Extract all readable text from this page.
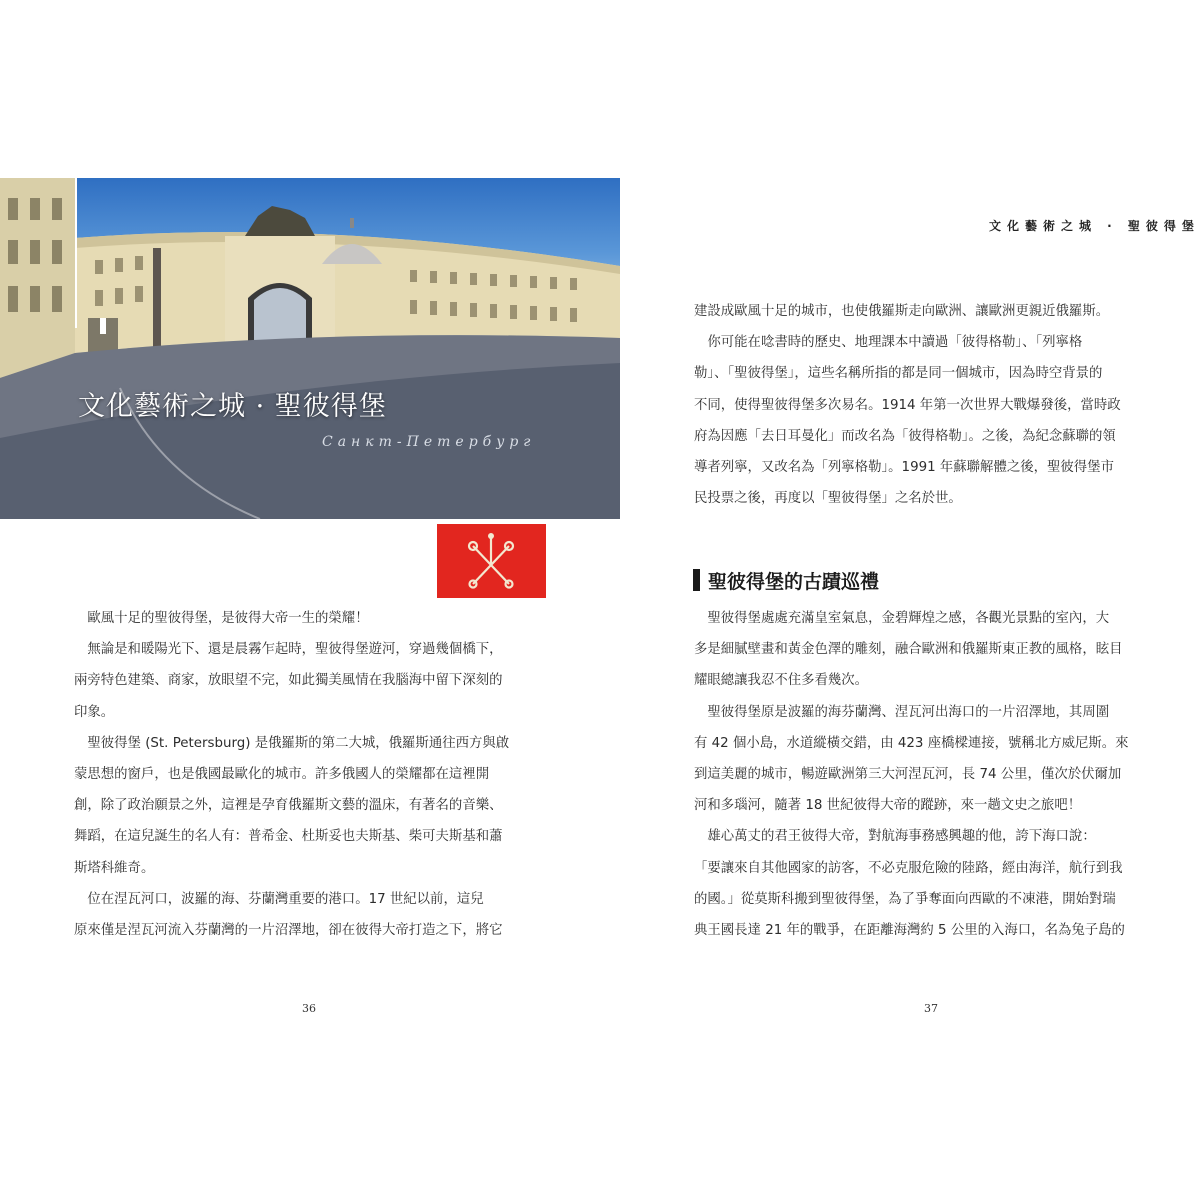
文化藝術之城 · 聖彼得堡
Санкт-Петербург
　歐風十足的聖彼得堡，是彼得大帝一生的榮耀！
　無論是和暖陽光下、還是晨霧乍起時，聖彼得堡遊河，穿過幾個橋下，
兩旁特色建築、商家，放眼望不完，如此獨美風情在我腦海中留下深刻的
印象。
　聖彼得堡 (St. Petersburg) 是俄羅斯的第二大城，俄羅斯通往西方與啟
蒙思想的窗戶，也是俄國最歐化的城市。許多俄國人的榮耀都在這裡開
創，除了政治願景之外，這裡是孕育俄羅斯文藝的溫床，有著名的音樂、
舞蹈，在這兒誕生的名人有：普希金、杜斯妥也夫斯基、柴可夫斯基和蕭
斯塔科維奇。
　位在涅瓦河口，波羅的海、芬蘭灣重要的港口。17 世紀以前，這兒
原來僅是涅瓦河流入芬蘭灣的一片沼澤地，卻在彼得大帝打造之下，將它
36
文化藝術之城 · 聖彼得堡
建設成歐風十足的城市，也使俄羅斯走向歐洲、讓歐洲更親近俄羅斯。
　你可能在唸書時的歷史、地理課本中讀過「彼得格勒」、「列寧格
勒」、「聖彼得堡」，這些名稱所指的都是同一個城市，因為時空背景的
不同，使得聖彼得堡多次易名。1914 年第一次世界大戰爆發後，當時政
府為因應「去日耳曼化」而改名為「彼得格勒」。之後，為紀念蘇聯的領
導者列寧，又改名為「列寧格勒」。1991 年蘇聯解體之後，聖彼得堡市
民投票之後，再度以「聖彼得堡」之名於世。
聖彼得堡的古蹟巡禮
　聖彼得堡處處充滿皇室氣息，金碧輝煌之感，各觀光景點的室內，大
多是細膩壁畫和黃金色澤的雕刻，融合歐洲和俄羅斯東正教的風格，眩目
耀眼總讓我忍不住多看幾次。
　聖彼得堡原是波羅的海芬蘭灣、涅瓦河出海口的一片沼澤地，其周圍
有 42 個小島，水道縱橫交錯，由 423 座橋樑連接，號稱北方威尼斯。來
到這美麗的城市，暢遊歐洲第三大河涅瓦河，長 74 公里，僅次於伏爾加
河和多瑙河，隨著 18 世紀彼得大帝的蹤跡，來一趟文史之旅吧！
　雄心萬丈的君王彼得大帝，對航海事務感興趣的他，誇下海口說：
「要讓來自其他國家的訪客，不必克服危險的陸路，經由海洋，航行到我
的國。」從莫斯科搬到聖彼得堡，為了爭奪面向西歐的不凍港，開始對瑞
典王國長達 21 年的戰爭，在距離海灣約 5 公里的入海口，名為兔子島的
37
